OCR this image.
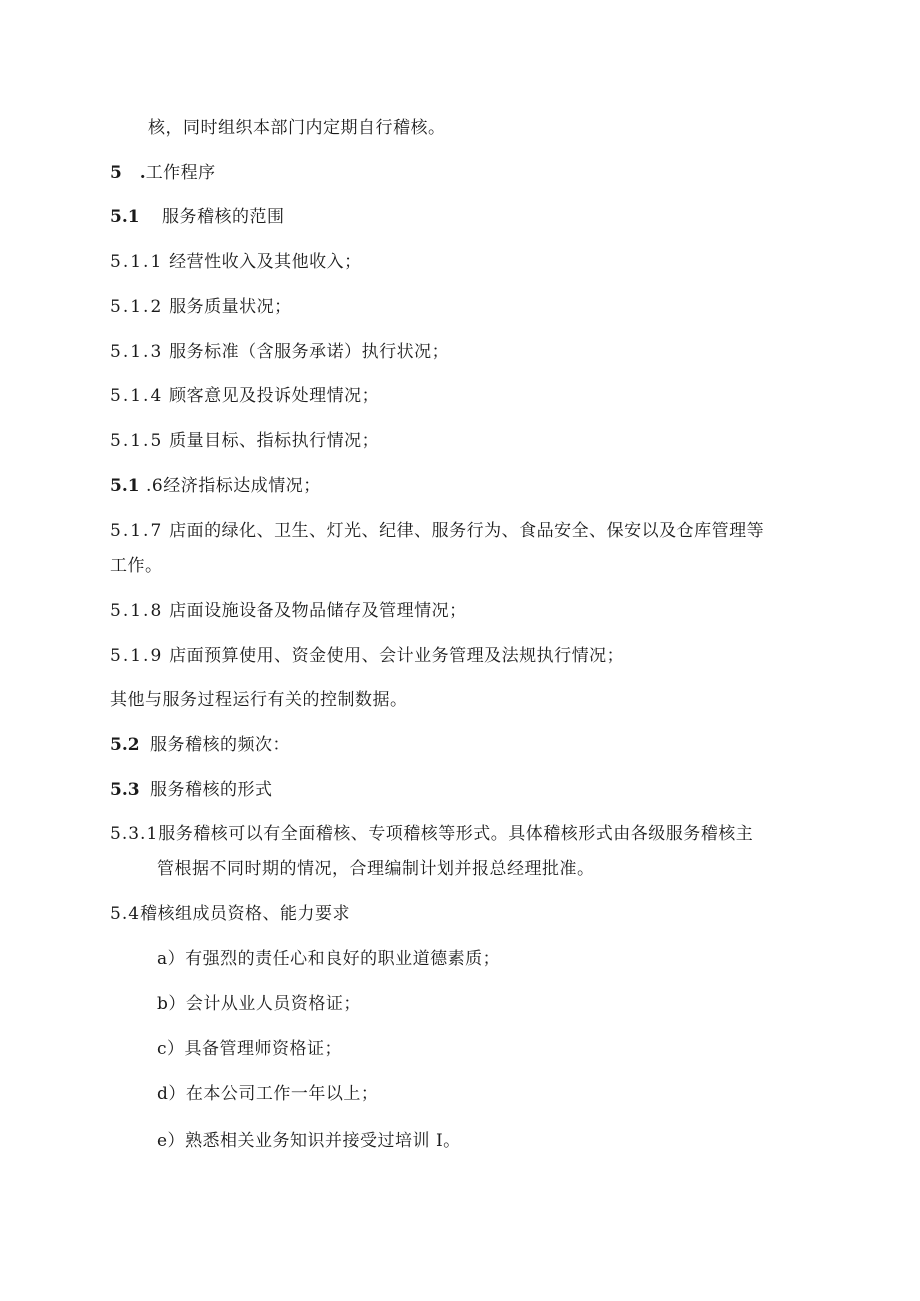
核，同时组织本部门内定期自行稽核。
5 .工作程序
5.1 服务稽核的范围
5.1.1 经营性收入及其他收入；
5.1.2 服务质量状况；
5.1.3 服务标准（含服务承诺）执行状况；
5.1.4 顾客意见及投诉处理情况；
5.1.5 质量目标、指标执行情况；
5.1 .6经济指标达成情况；
5.1.7 店面的绿化、卫生、灯光、纪律、服务行为、食品安全、保安以及仓库管理等
工作。
5.1.8 店面设施设备及物品储存及管理情况；
5.1.9 店面预算使用、资金使用、会计业务管理及法规执行情况；
其他与服务过程运行有关的控制数据。
5.2 服务稽核的频次：
5.3 服务稽核的形式
5.3.1服务稽核可以有全面稽核、专项稽核等形式。具体稽核形式由各级服务稽核主
管根据不同时期的情况，合理编制计划并报总经理批准。
5.4稽核组成员资格、能力要求
a）有强烈的责任心和良好的职业道德素质；
b）会计从业人员资格证；
c）具备管理师资格证；
d）在本公司工作一年以上；
e）熟悉相关业务知识并接受过培训 I。
